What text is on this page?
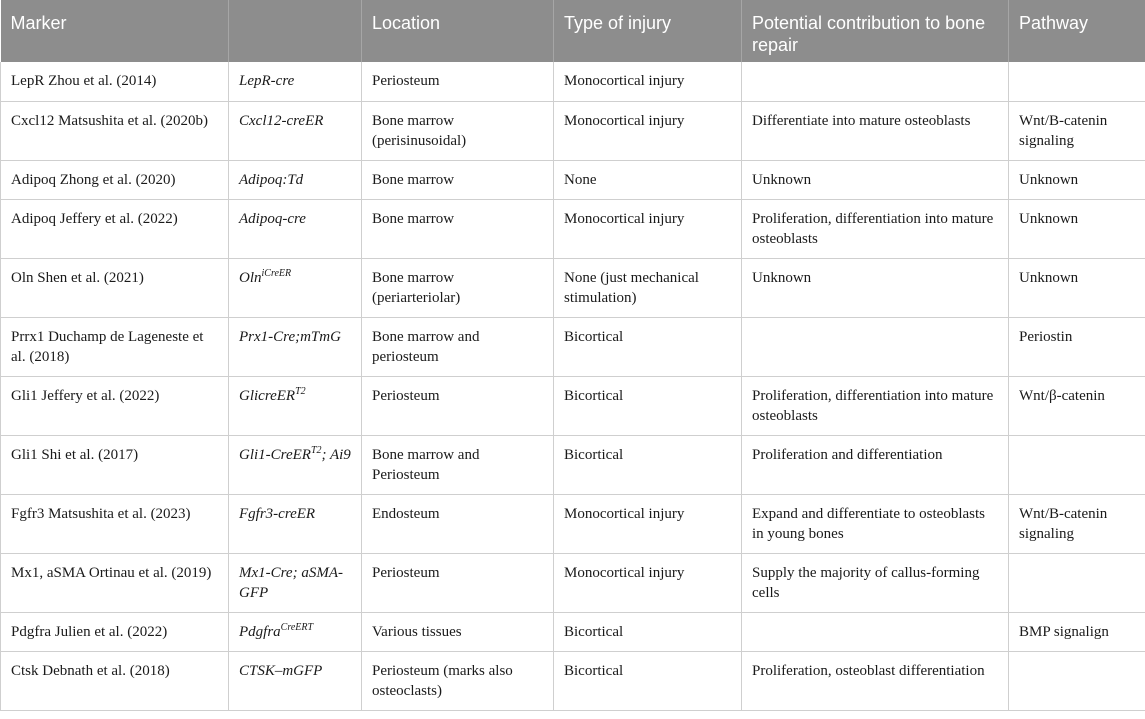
Marker		Location	Type of injury	Potential contribution to bone repair	Pathway
LepR Zhou et al. (2014)	LepR-cre	Periosteum	Monocortical injury		
Cxcl12 Matsushita et al. (2020b)	Cxcl12-creER	Bone marrow (perisinusoidal)	Monocortical injury	Differentiate into mature osteoblasts	Wnt/B-catenin signaling
Adipoq Zhong et al. (2020)	Adipoq:Td	Bone marrow	None	Unknown	Unknown
Adipoq Jeffery et al. (2022)	Adipoq-cre	Bone marrow	Monocortical injury	Proliferation, differentiation into mature osteoblasts	Unknown
Oln Shen et al. (2021)	Oln$^{iCreER}$	Bone marrow (periarteriolar)	None (just mechanical stimulation)	Unknown	Unknown
Prrx1 Duchamp de Lageneste et al. (2018)	Prx1-Cre;mTmG	Bone marrow and periosteum	Bicortical		Periostin
Gli1 Jeffery et al. (2022)	GlicreER$^{T2}$	Periosteum	Bicortical	Proliferation, differentiation into mature osteoblasts	Wnt/β-catenin
Gli1 Shi et al. (2017)	Gli1-CreER$^{T2}$; Ai9	Bone marrow and Periosteum	Bicortical	Proliferation and differentiation	
Fgfr3 Matsushita et al. (2023)	Fgfr3-creER	Endosteum	Monocortical injury	Expand and differentiate to osteoblasts in young bones	Wnt/B-catenin signaling
Mx1, aSMA Ortinau et al. (2019)	Mx1-Cre; aSMA-GFP	Periosteum	Monocortical injury	Supply the majority of callus-forming cells	
Pdgfra Julien et al. (2022)	Pdgfra$^{CreERT}$	Various tissues	Bicortical		BMP signalign
Ctsk Debnath et al. (2018)	CTSK–mGFP	Periosteum (marks also osteoclasts)	Bicortical	Proliferation, osteoblast differentiation	
